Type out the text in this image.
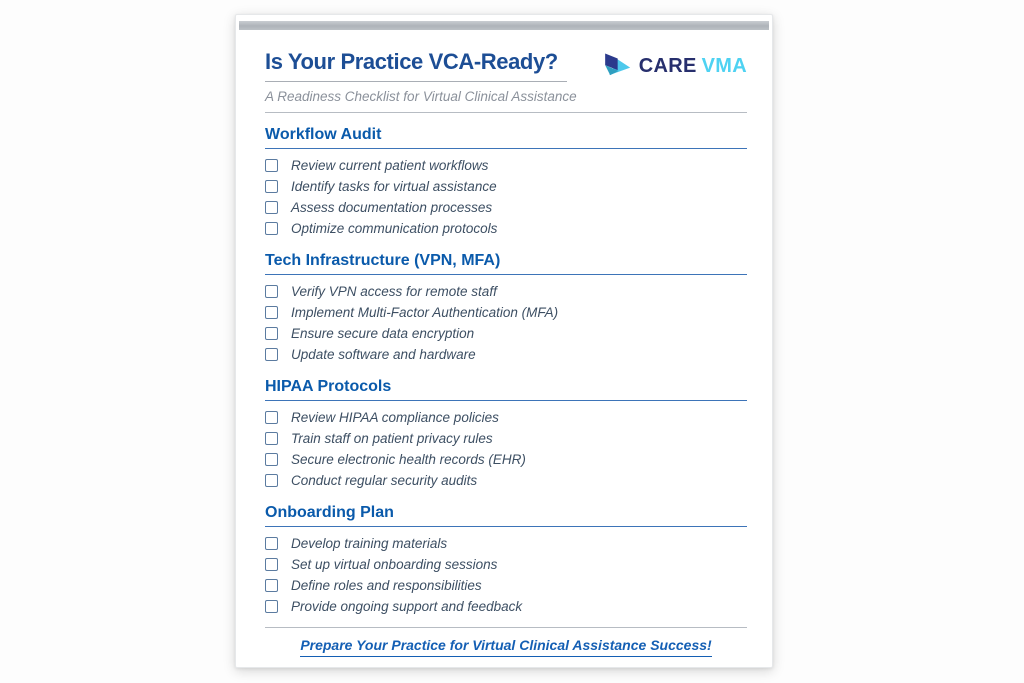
Is Your Practice VCA-Ready?	CARE VMA
A Readiness Checklist for Virtual Clinical Assistance
Workflow Audit
Review current patient workflows
Identify tasks for virtual assistance
Assess documentation processes
Optimize communication protocols
Tech Infrastructure (VPN, MFA)
Verify VPN access for remote staff
Implement Multi-Factor Authentication (MFA)
Ensure secure data encryption
Update software and hardware
HIPAA Protocols
Review HIPAA compliance policies
Train staff on patient privacy rules
Secure electronic health records (EHR)
Conduct regular security audits
Onboarding Plan
Develop training materials
Set up virtual onboarding sessions
Define roles and responsibilities
Provide ongoing support and feedback
Prepare Your Practice for Virtual Clinical Assistance Success!
